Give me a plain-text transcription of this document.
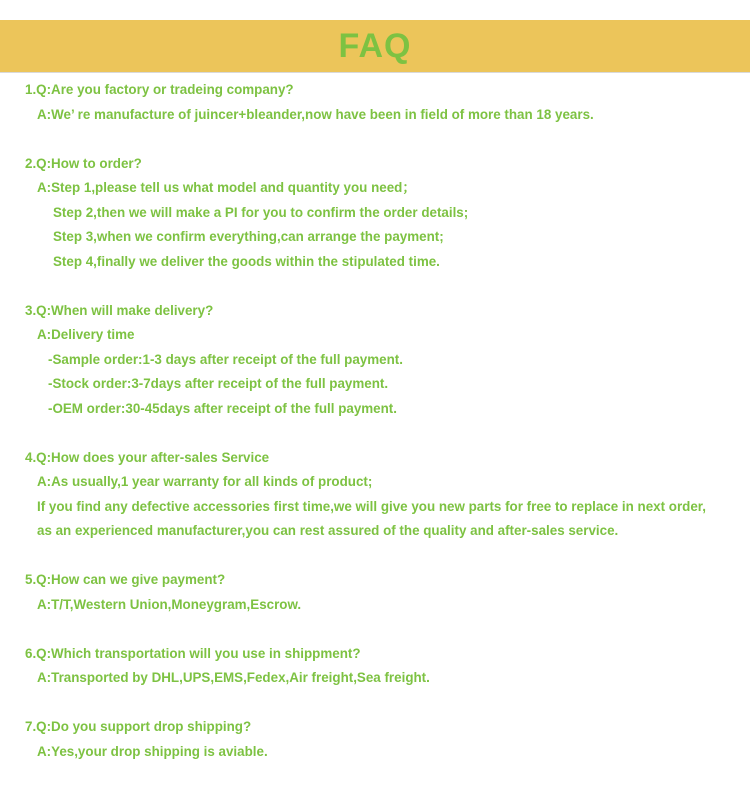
FAQ
1.Q:Are you factory or tradeing company?
A:We’ re manufacture of juincer+bleander,now have been in field of more than 18 years.
2.Q:How to order?
A:Step 1,please tell us what model and quantity you need；
Step 2,then we will make a PI for you to confirm the order details;
Step 3,when we confirm everything,can arrange the payment;
Step 4,finally we deliver the goods within the stipulated time.
3.Q:When will make delivery?
A:Delivery time
-Sample order:1-3 days after receipt of the full payment.
-Stock order:3-7days after receipt of the full payment.
-OEM order:30-45days after receipt of the full payment.
4.Q:How does your after-sales Service
A:As usually,1 year warranty for all kinds of product;
If you find any defective accessories first time,we will give you new parts for free to replace in next order,
as an experienced manufacturer,you can rest assured of the quality and after-sales service.
5.Q:How can we give payment?
A:T/T,Western Union,Moneygram,Escrow.
6.Q:Which transportation will you use in shippment?
A:Transported by DHL,UPS,EMS,Fedex,Air freight,Sea freight.
7.Q:Do you support drop shipping?
A:Yes,your drop shipping is aviable.
